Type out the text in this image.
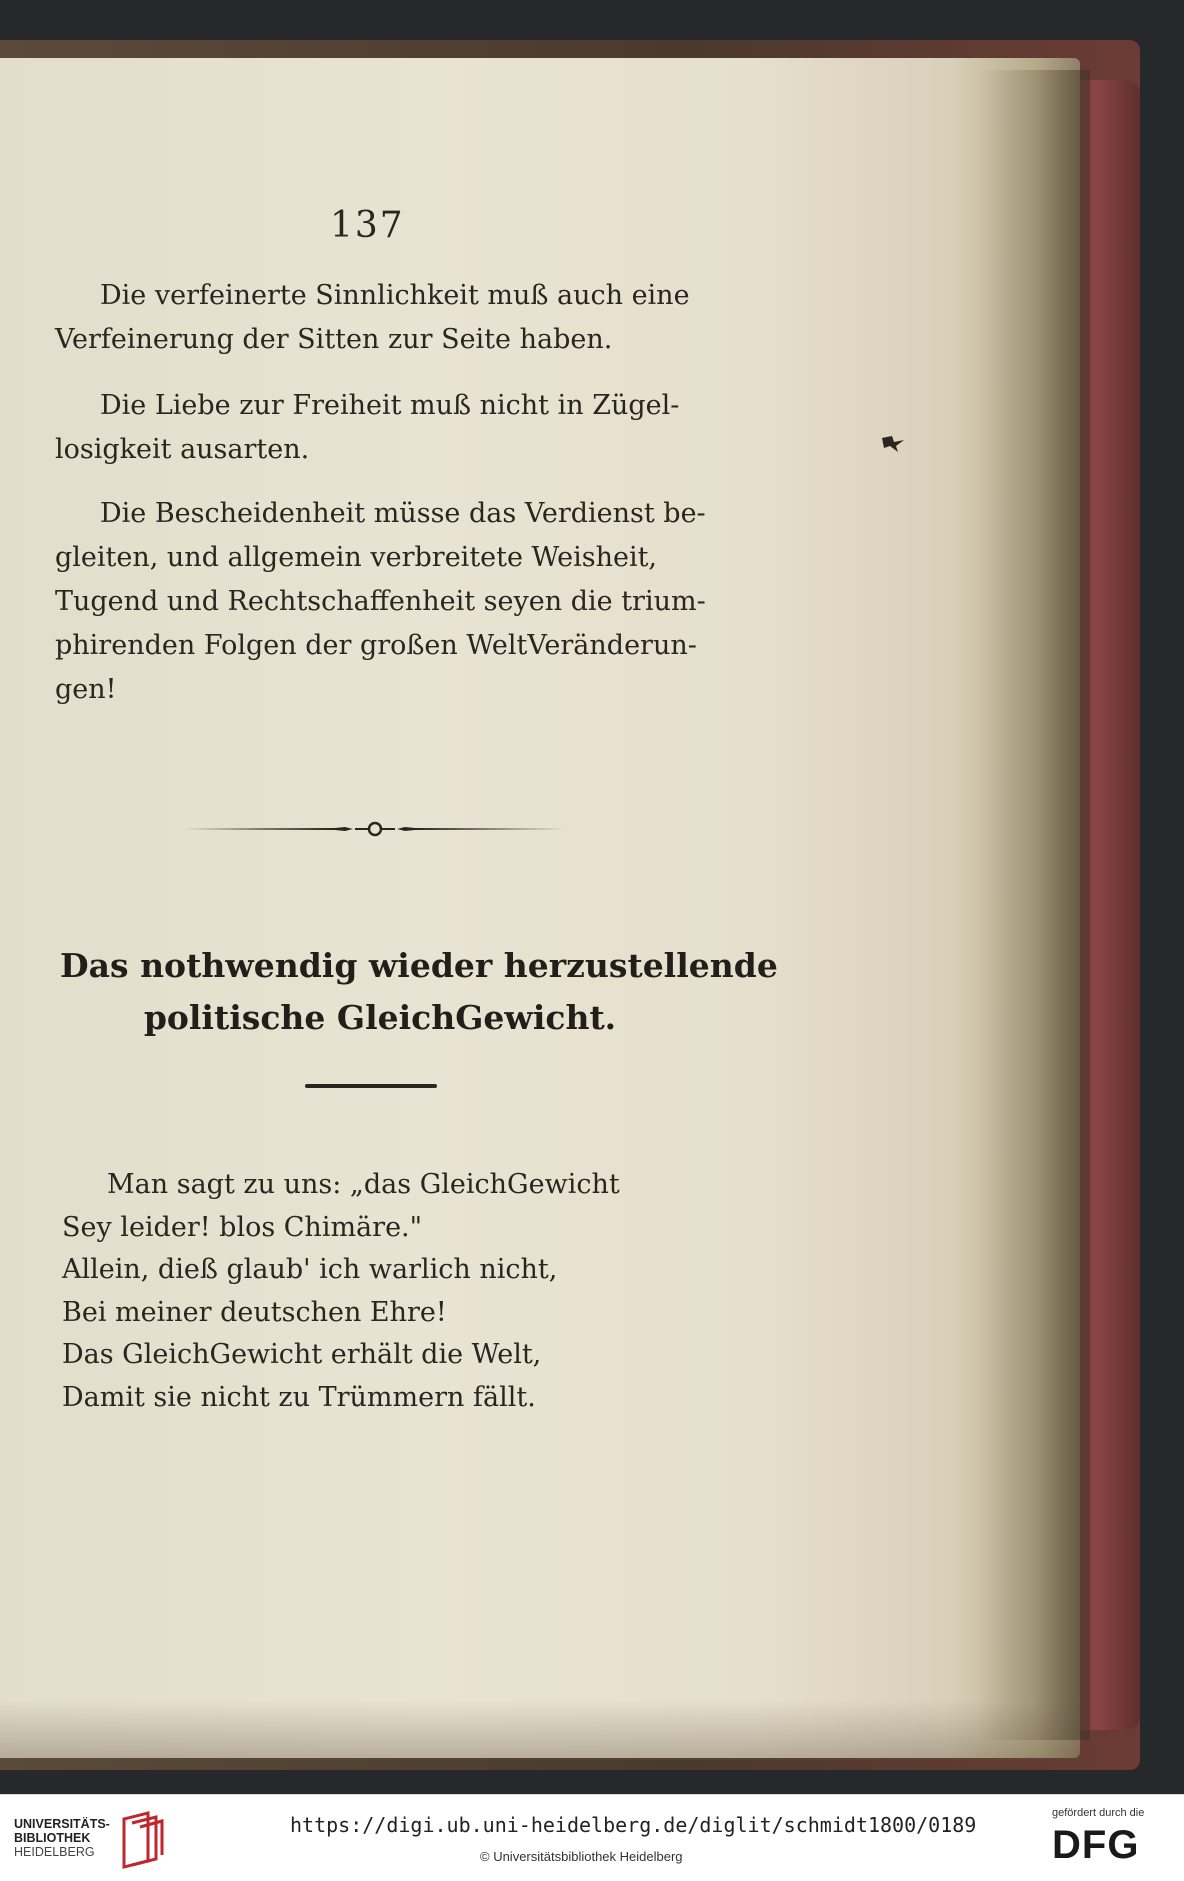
137

Die verfeinerte Sinnlichkeit muß auch eine
Verfeinerung der Sitten zur Seite haben.

Die Liebe zur Freiheit muß nicht in Zügel-
losigkeit ausarten.

Die Bescheidenheit müsse das Verdienst be-
gleiten, und allgemein verbreitete Weisheit,
Tugend und Rechtschaffenheit seyen die trium-
phirenden Folgen der großen WeltVeränderun-
gen!

Das nothwendig wieder herzustellende
politische GleichGewicht.

Man sagt zu uns: „das GleichGewicht
Sey leider! blos Chimäre."
Allein, dieß glaub' ich warlich nicht,
Bei meiner deutschen Ehre!
Das GleichGewicht erhält die Welt,
Damit sie nicht zu Trümmern fällt.

UNIVERSITÄTS-
BIBLIOTHEK
HEIDELBERG
https://digi.ub.uni-heidelberg.de/diglit/schmidt1800/0189
© Universitätsbibliothek Heidelberg
gefördert durch die
DFG
